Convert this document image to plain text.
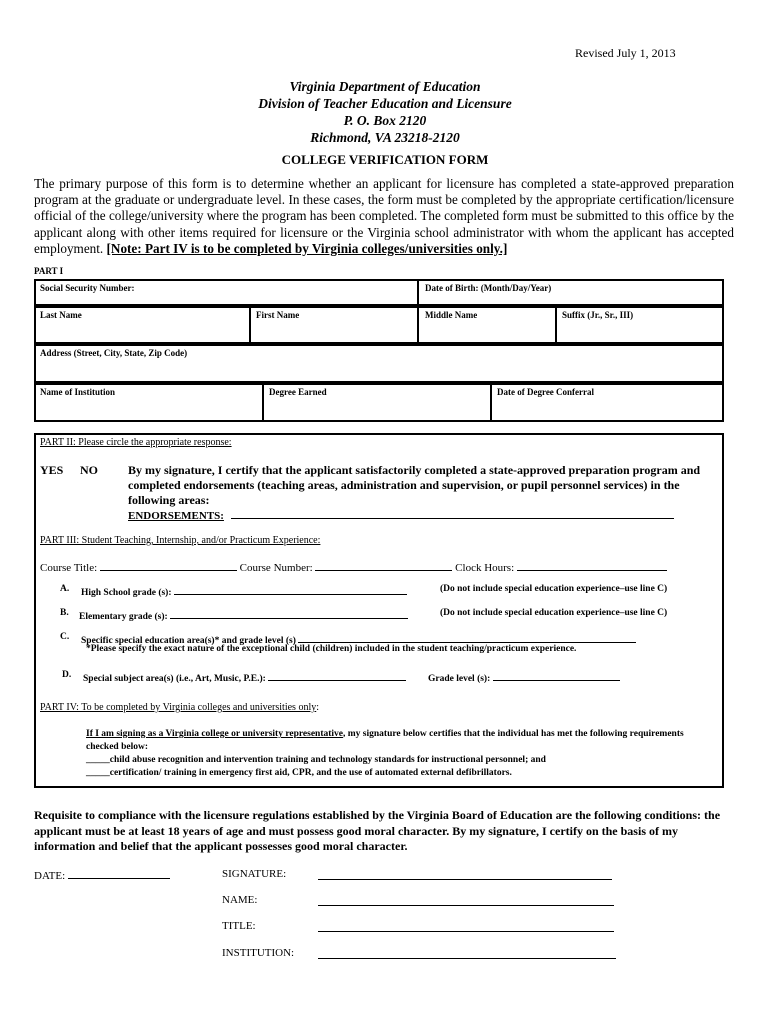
Revised July 1, 2013
Virginia Department of Education
Division of Teacher Education and Licensure
P. O. Box 2120
Richmond, VA 23218-2120
COLLEGE VERIFICATION FORM
The primary purpose of this form is to determine whether an applicant for licensure has completed a state-approved preparation program at the graduate or undergraduate level. In these cases, the form must be completed by the appropriate certification/licensure official of the college/university where the program has been completed. The completed form must be submitted to this office by the applicant along with other items required for licensure or the Virginia school administrator with whom the applicant has accepted employment. [Note: Part IV is to be completed by Virginia colleges/universities only.]
PART I
Social Security Number:	Date of Birth: (Month/Day/Year)
Last Name	First Name	Middle Name	Suffix (Jr., Sr., III)
Address (Street, City, State, Zip Code)
Name of Institution	Degree Earned	Date of Degree Conferral
PART II: Please circle the appropriate response:
YES NO	By my signature, I certify that the applicant satisfactorily completed a state-approved preparation program and completed endorsements (teaching areas, administration and supervision, or pupil personnel services) in the following areas:
ENDORSEMENTS:
PART III: Student Teaching, Internship, and/or Practicum Experience:
Course Title:	Course Number:	Clock Hours:
A. High School grade (s):	(Do not include special education experience–use line C)
B. Elementary grade (s):	(Do not include special education experience–use line C)
C. Specific special education area(s)* and grade level (s)
*Please specify the exact nature of the exceptional child (children) included in the student teaching/practicum experience.
D. Special subject area(s) (i.e., Art, Music, P.E.):	Grade level (s):
PART IV: To be completed by Virginia colleges and universities only:
If I am signing as a Virginia college or university representative, my signature below certifies that the individual has met the following requirements checked below:
_____child abuse recognition and intervention training and technology standards for instructional personnel; and
_____certification/ training in emergency first aid, CPR, and the use of automated external defibrillators.
Requisite to compliance with the licensure regulations established by the Virginia Board of Education are the following conditions: the applicant must be at least 18 years of age and must possess good moral character. By my signature, I certify on the basis of my information and belief that the applicant possesses good moral character.
DATE:	SIGNATURE:
NAME:
TITLE:
INSTITUTION:
